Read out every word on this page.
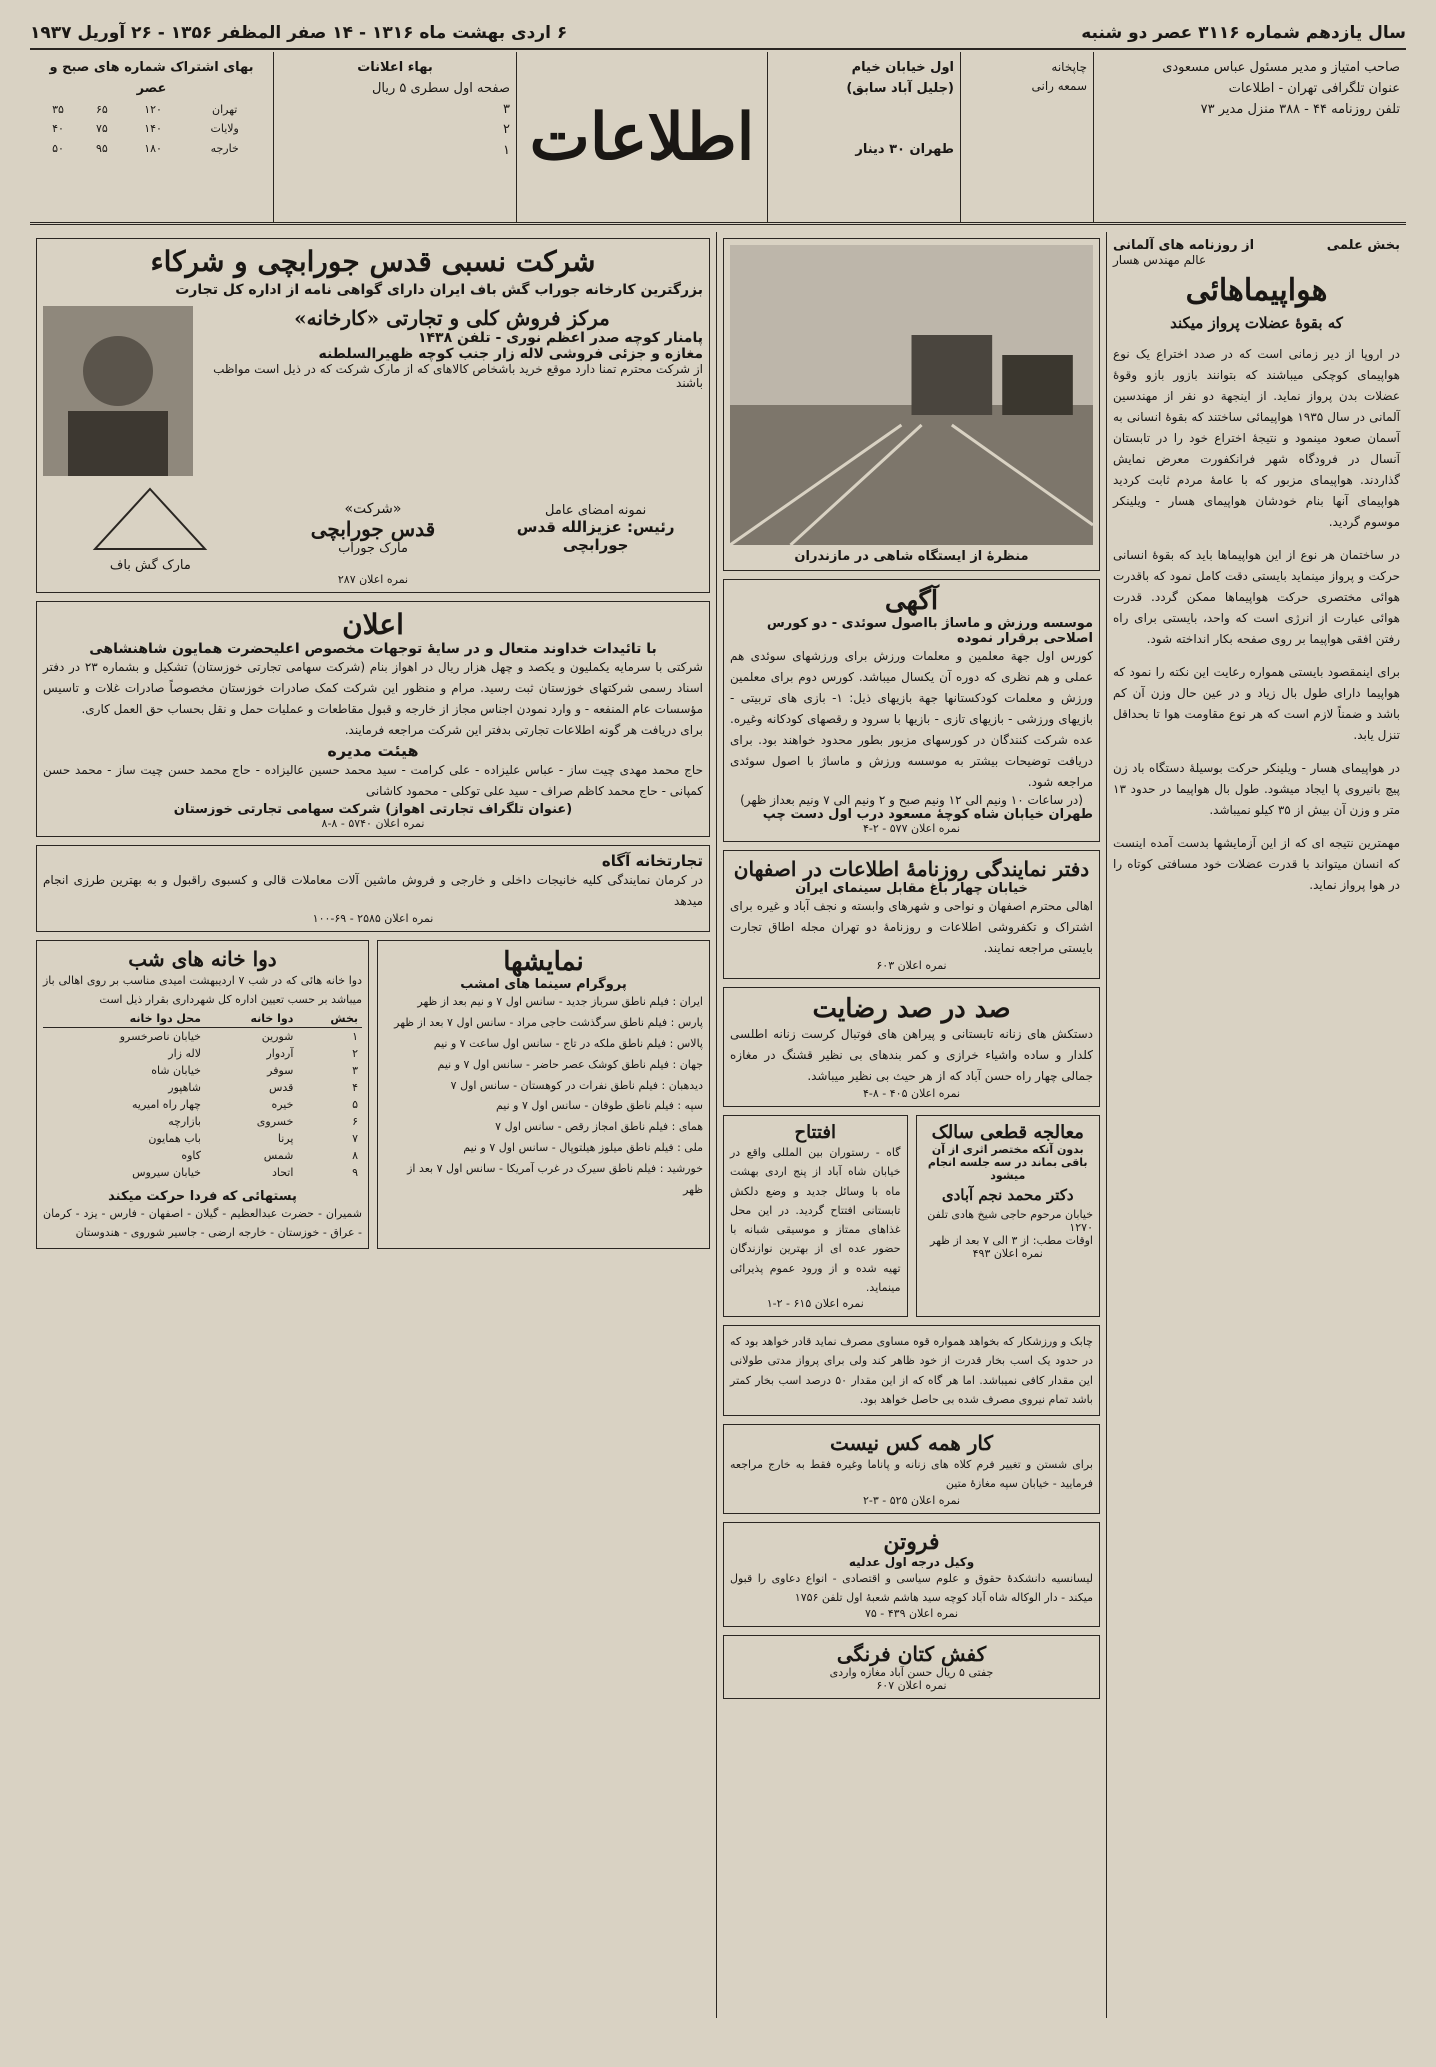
سال یازدهم شماره ۳۱۱۶ عصر دو شنبه
۶ اردی بهشت ماه ۱۳۱۶ - ۱۴ صفر المظفر ۱۳۵۶ - ۲۶ آوریل ۱۹۳۷
صاحب امتیاز و مدیر مسئول عباس مسعودی
عنوان تلگرافی تهران - اطلاعات
تلفن روزنامه ۴۴ - ۳۸۸ منزل مدیر ۷۳
چاپخانه
سمعه رانی
اول خیابان خیام
(جلیل آباد سابق)
طهران ۳۰ دینار
اطلاعات
بهاء اعلانات
صفحه اول سطری ۵ ریال
۳
۲
۱
بهای اشتراک شماره های صبح و عصر
تهران	۱۲۰	۶۵	۳۵
ولایات	۱۴۰	۷۵	۴۰
خارجه	۱۸۰	۹۵	۵۰
بخش علمی
از روزنامه های آلمانی
عالم مهندس هسار
هواپیماهائی
که بقوهٔ عضلات پرواز میکند

در اروپا از دیر زمانی است که در صدد اختراع یک نوع هواپیمای کوچکی میباشند که بتوانند بازور بازو وقوهٔ عضلات بدن پرواز نماید. از اینجهة دو نفر از مهندسین آلمانی در سال ۱۹۳۵ هواپیمائی ساختند که بقوهٔ انسانی به آسمان صعود مینمود و نتیجهٔ اختراع خود را در تابستان آنسال در فرودگاه شهر فرانکفورت معرض نمایش گذاردند. هواپیمای مزبور که با عامهٔ مردم ثابت کردید هواپیمای آنها بنام خودشان هواپیمای هسار - ویلینکر موسوم گردید.

در ساختمان هر نوع از این هواپیماها باید که بقوهٔ انسانی حرکت و پرواز مینماید بایستی دقت کامل نمود که باقدرت هوائی مختصری حرکت هواپیماها ممکن گردد. قدرت هوائی عبارت از انرژی است که واحد، بایستی برای راه رفتن افقی هواپیما بر روی صفحه بکار انداخته شود.

برای اینمقصود بایستی همواره رعایت این نکته را نمود که هواپیما دارای طول بال زیاد و در عین حال وزن آن کم باشد و ضمناً لازم است که هر نوع مقاومت هوا تا بحداقل تنزل یابد.

در هواپیمای هسار - ویلینکر حرکت بوسیلهٔ دستگاه باد زن پیچ بانیروی پا ایجاد میشود. طول بال هواپیما در حدود ۱۳ متر و وزن آن بیش از ۳۵ کیلو نمیباشد.

مهمترین نتیجه ای که از این آزمایشها بدست آمده اینست که انسان میتواند با قدرت عضلات خود مسافتی کوتاه را در هوا پرواز نماید.

منظرهٔ از ایستگاه شاهی در مازندران
آگهی
موسسه ورزش و ماساژ بااصول سوئدی - دو کورس اصلاحی برقرار نموده
کورس اول جهة معلمین و معلمات ورزش برای ورزشهای سوئدی هم عملی و هم نظری که دوره آن یکسال میباشد. کورس دوم برای معلمین ورزش و معلمات کودکستانها جهة بازیهای ذیل: ۱- بازی های تربیتی - بازیهای ورزشی - بازیهای تازی - بازیها با سرود و رقصهای کودکانه وغیره. عده شرکت کنندگان در کورسهای مزبور بطور محدود خواهند بود. برای دریافت توضیحات بیشتر به موسسه ورزش و ماساژ با اصول سوئدی مراجعه شود.
(در ساعات ۱۰ ونیم الی ۱۲ ونیم صبح و ۲ ونیم الی ۷ ونیم بعداز ظهر)
طهران خیابان شاه کوچهٔ مسعود درب اول دست چپ
نمره اعلان ۵۷۷ - ۲-۴
دفتر نمایندگی روزنامهٔ اطلاعات در اصفهان
خیابان چهار باغ مقابل سینمای ایران
اهالی محترم اصفهان و نواحی و شهرهای وابسته و نجف آباد و غیره برای اشتراک و تکفروشی اطلاعات و روزنامهٔ دو تهران مجله اطاق تجارت بایستی مراجعه نمایند.
نمره اعلان ۶۰۳
صد در صد رضایت
دستکش های زنانه تابستانی و پیراهن های فوتبال کرست زنانه اطلسی کلدار و ساده واشیاء خرازی و کمر بندهای بی نظیر قشنگ در مغازه جمالی چهار راه حسن آباد که از هر حیث بی نظیر میباشد.
نمره اعلان ۴۰۵ - ۸-۴
معالجه قطعی سالک
بدون آنکه مختصر اثری از آن باقی بماند در سه جلسه انجام میشود
دکتر محمد نجم آبادی
خیابان مرحوم حاجی شیخ هادی تلفن ۱۲۷۰
اوقات مطب: از ۳ الی ۷ بعد از ظهر
نمره اعلان ۴۹۳
افتتاح
گاه - رستوران بین المللی واقع در خیابان شاه آباد از پنج اردی بهشت ماه با وسائل جدید و وضع دلکش تابستانی افتتاح گردید. در این محل غذاهای ممتاز و موسیقی شبانه با حضور عده ای از بهترین نوازندگان تهیه شده و از ورود عموم پذیرائی مینماید.
نمره اعلان ۶۱۵ - ۲-۱
چابک و ورزشکار که بخواهد همواره قوه مساوی مصرف نماید قادر خواهد بود که در حدود یک اسب بخار قدرت از خود ظاهر کند ولی برای پرواز مدتی طولانی این مقدار کافی نمیباشد. اما هر گاه که از این مقدار ۵۰ درصد اسب بخار کمتر باشد تمام نیروی مصرف شده بی حاصل خواهد بود.
کار همه کس نیست
برای شستن و تغییر فرم کلاه های زنانه و پاناما وغیره فقط به خارج مراجعه فرمایید - خیابان سپه مغازهٔ متین
نمره اعلان ۵۲۵ - ۳-۲
فروتن
وکیل درجه اول عدلیه
لیسانسیه دانشکدهٔ حقوق و علوم سیاسی و اقتصادی - انواع دعاوی را قبول میکند - دار الوکاله شاه آباد کوچه سید هاشم شعبهٔ اول تلفن ۱۷۵۶
نمره اعلان ۴۳۹ - ۷۵
کفش کتان فرنگی
جفتی ۵ ریال حسن آباد مغازه واردی
نمره اعلان ۶۰۷
شرکت نسبی قدس جورابچی و شرکاء
بزرگترین کارخانه جوراب گش باف ایران دارای گواهی نامه از اداره کل تجارت
مرکز فروش کلی و تجارتی «کارخانه»
پامنار کوچه صدر اعظم نوری - تلفن ۱۴۳۸
مغازه و جزئی فروشی لاله زار جنب کوچه ظهیرالسلطنه
از شرکت محترم تمنا دارد موقع خرید باشخاص کالاهای که از مارک شرکت که در ذیل است مواظب باشند
نمونه امضای عامل
رئیس: عزیزالله قدس جورابچی
«شرکت»
قدس جورابچی
مارک جوراب
مارک گش باف
نمره اعلان ۲۸۷
اعلان
با تائیدات خداوند متعال و در سایهٔ توجهات مخصوص اعلیحضرت همایون شاهنشاهی
شرکتی با سرمایه یکملیون و یکصد و چهل هزار ریال در اهواز بنام (شرکت سهامی تجارتی خوزستان) تشکیل و بشماره ۲۳ در دفتر اسناد رسمی شرکتهای خوزستان ثبت رسید. مرام و منظور این شرکت کمک صادرات خوزستان مخصوصاً صادرات غلات و تاسیس مؤسسات عام المنفعه - و وارد نمودن اجناس مجاز از خارجه و قبول مقاطعات و عملیات حمل و نقل بحساب حق العمل کاری.
برای دریافت هر گونه اطلاعات تجارتی بدفتر این شرکت مراجعه فرمایند.
هیئت مدیره
حاج محمد مهدی چیت ساز - عباس علیزاده - علی کرامت - سید محمد حسین عالیزاده - حاج محمد حسن چیت ساز - محمد حسن کمپانی - حاج محمد کاظم صراف - سید علی توکلی - محمود کاشانی
(عنوان تلگراف تجارتی اهواز) شرکت سهامی تجارتی خوزستان
نمره اعلان ۵۷۴۰ - ۸-۸
تجارتخانه آگاه
در کرمان نمایندگی کلیه خانیجات داخلی و خارجی و فروش ماشین آلات معاملات قالی و کسبوی راقبول و به بهترین طرزی انجام میدهد
نمره اعلان ۲۵۸۵ - ۶۹-۱۰۰
نمایشها
پروگرام سینما های امشب
ایران : فیلم ناطق سرباز جدید - سانس اول ۷ و نیم بعد از ظهر
پارس : فیلم ناطق سرگذشت حاجی مراد - سانس اول ۷ بعد از ظهر
پالاس : فیلم ناطق ملکه در تاج - سانس اول ساعت ۷ و نیم
جهان : فیلم ناطق کوشک عصر حاضر - سانس اول ۷ و نیم
دیدهبان : فیلم ناطق نفرات در کوهستان - سانس اول ۷
سپه : فیلم ناطق طوفان - سانس اول ۷ و نیم
همای : فیلم ناطق امجاز رقص - سانس اول ۷
ملی : فیلم ناطق میلوز هیلتوپال - سانس اول ۷ و نیم
خورشید : فیلم ناطق سیرک در غرب آمریکا - سانس اول ۷ بعد از ظهر
دوا خانه های شب
دوا خانه هائی که در شب ۷ اردیبهشت امیدی مناسب بر روی اهالی باز میباشد بر حسب تعیین اداره کل شهرداری بقرار ذیل است
بخش	دوا خانه	محل دوا خانه
۱	شورین	خیابان ناصرخسرو
۲	آردوار	لاله زار
۳	سوفر	خیابان شاه
۴	قدس	شاهپور
۵	خیره	چهار راه امیریه
۶	خسروی	بازارچه
۷	پرنا	باب همایون
۸	شمس	کاوه
۹	اتحاد	خیابان سیروس
پستهائی که فردا حرکت میکند
شمیران - حضرت عبدالعظیم - گیلان - اصفهان - فارس - یزد - کرمان - عراق - خوزستان - خارجه ارضی - جاسیر شوروی - هندوستان
